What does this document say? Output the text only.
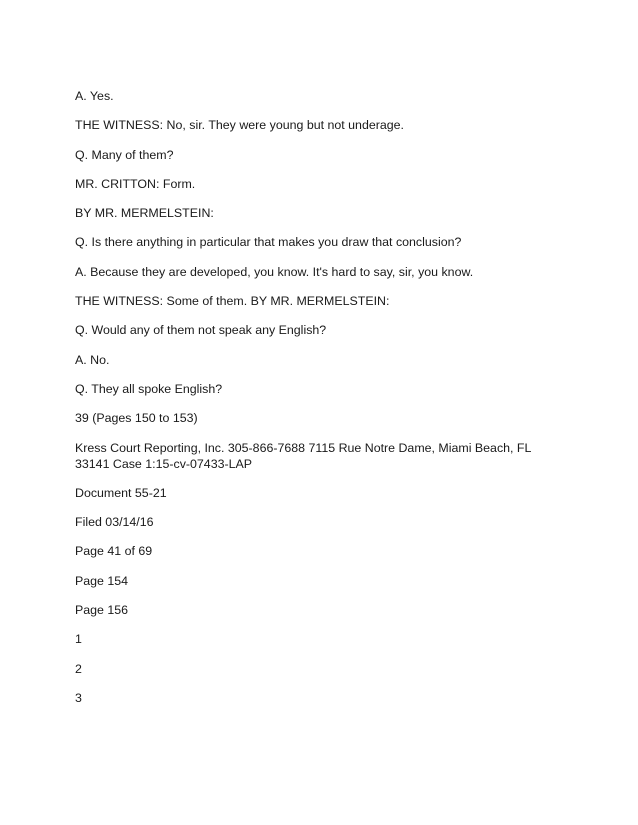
A. Yes.

THE WITNESS: No, sir. They were young but not underage.

Q. Many of them?

MR. CRITTON: Form.

BY MR. MERMELSTEIN:

Q. Is there anything in particular that makes you draw that conclusion?

A. Because they are developed, you know. It's hard to say, sir, you know.

THE WITNESS: Some of them. BY MR. MERMELSTEIN:

Q. Would any of them not speak any English?

A. No.

Q. They all spoke English?

39 (Pages 150 to 153)

Kress Court Reporting, Inc. 305-866-7688 7115 Rue Notre Dame, Miami Beach, FL 33141 Case 1:15-cv-07433-LAP

Document 55-21

Filed 03/14/16

Page 41 of 69

Page 154

Page 156

1

2

3
